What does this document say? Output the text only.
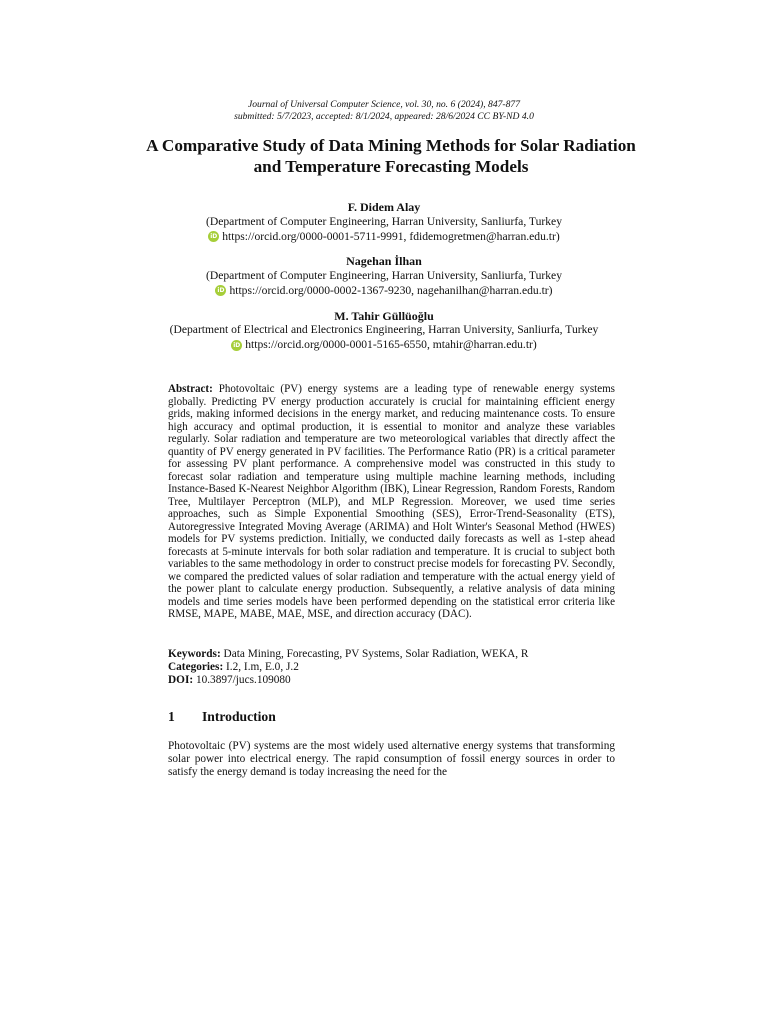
Journal of Universal Computer Science, vol. 30, no. 6 (2024), 847-877
submitted: 5/7/2023, accepted: 8/1/2024, appeared: 28/6/2024 CC BY-ND 4.0
A Comparative Study of Data Mining Methods for Solar Radiation and Temperature Forecasting Models
F. Didem Alay
(Department of Computer Engineering, Harran University, Sanliurfa, Turkey
iD https://orcid.org/0000-0001-5711-9991, fdidemogretmen@harran.edu.tr)
Nagehan İlhan
(Department of Computer Engineering, Harran University, Sanliurfa, Turkey
iD https://orcid.org/0000-0002-1367-9230, nagehanilhan@harran.edu.tr)
M. Tahir Güllüoğlu
(Department of Electrical and Electronics Engineering, Harran University, Sanliurfa, Turkey
iD https://orcid.org/0000-0001-5165-6550, mtahir@harran.edu.tr)
Abstract: Photovoltaic (PV) energy systems are a leading type of renewable energy systems globally. Predicting PV energy production accurately is crucial for maintaining efficient energy grids, making informed decisions in the energy market, and reducing maintenance costs. To ensure high accuracy and optimal production, it is essential to monitor and analyze these variables regularly. Solar radiation and temperature are two meteorological variables that directly affect the quantity of PV energy generated in PV facilities. The Performance Ratio (PR) is a critical parameter for assessing PV plant performance. A comprehensive model was constructed in this study to forecast solar radiation and temperature using multiple machine learning methods, including Instance-Based K-Nearest Neighbor Algorithm (IBK), Linear Regression, Random Forests, Random Tree, Multilayer Perceptron (MLP), and MLP Regression. Moreover, we used time series approaches, such as Simple Exponential Smoothing (SES), Error-Trend-Seasonality (ETS), Autoregressive Integrated Moving Average (ARIMA) and Holt Winter's Seasonal Method (HWES) models for PV systems prediction. Initially, we conducted daily forecasts as well as 1-step ahead forecasts at 5-minute intervals for both solar radiation and temperature. It is crucial to subject both variables to the same methodology in order to construct precise models for forecasting PV. Secondly, we compared the predicted values of solar radiation and temperature with the actual energy yield of the power plant to calculate energy production. Subsequently, a relative analysis of data mining models and time series models have been performed depending on the statistical error criteria like RMSE, MAPE, MABE, MAE, MSE, and direction accuracy (DAC).
Keywords: Data Mining, Forecasting, PV Systems, Solar Radiation, WEKA, R
Categories: I.2, I.m, E.0, J.2
DOI: 10.3897/jucs.109080
1 Introduction
Photovoltaic (PV) systems are the most widely used alternative energy systems that transforming solar power into electrical energy. The rapid consumption of fossil energy sources in order to satisfy the energy demand is today increasing the need for the
